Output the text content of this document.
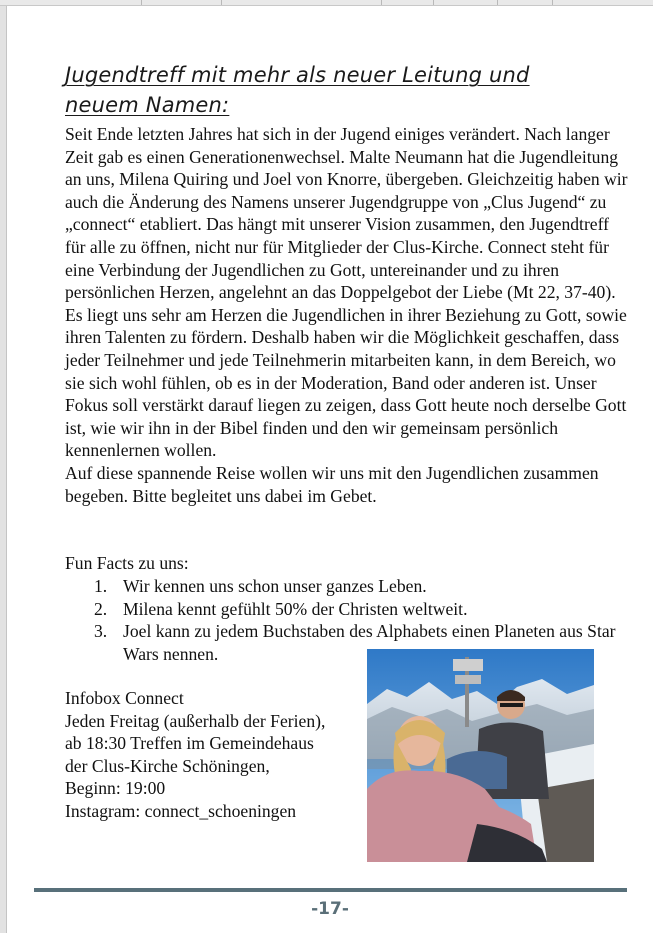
Jugendtreff mit mehr als neuer Leitung und neuem Namen:

Seit Ende letzten Jahres hat sich in der Jugend einiges verändert. Nach langer Zeit gab es einen Generationenwechsel. Malte Neumann hat die Jugendleitung an uns, Milena Quiring und Joel von Knorre, übergeben. Gleichzeitig haben wir auch die Änderung des Namens unserer Jugendgruppe von „Clus Jugend“ zu „connect“ etabliert. Das hängt mit unserer Vision zusammen, den Jugendtreff für alle zu öffnen, nicht nur für Mitglieder der Clus-Kirche. Connect steht für eine Verbindung der Jugendlichen zu Gott, untereinander und zu ihren persönlichen Herzen, angelehnt an das Doppelgebot der Liebe (Mt 22, 37-40). Es liegt uns sehr am Herzen die Jugendlichen in ihrer Beziehung zu Gott, sowie ihren Talenten zu fördern. Deshalb haben wir die Möglichkeit geschaffen, dass jeder Teilnehmer und jede Teilnehmerin mitarbeiten kann, in dem Bereich, wo sie sich wohl fühlen, ob es in der Moderation, Band oder anderen ist. Unser Fokus soll verstärkt darauf liegen zu zeigen, dass Gott heute noch derselbe Gott ist, wie wir ihn in der Bibel finden und den wir gemeinsam persönlich kennenlernen wollen.

Auf diese spannende Reise wollen wir uns mit den Jugendlichen zusammen begeben. Bitte begleitet uns dabei im Gebet.

Fun Facts zu uns:
1. Wir kennen uns schon unser ganzes Leben.
2. Milena kennt gefühlt 50% der Christen weltweit.
3. Joel kann zu jedem Buchstaben des Alphabets einen Planeten aus Star Wars nennen.
Infobox Connect
Jeden Freitag (außerhalb der Ferien),
ab 18:30 Treffen im Gemeindehaus
der Clus-Kirche Schöningen,
Beginn: 19:00
Instagram: connect_schoeningen
-17-
